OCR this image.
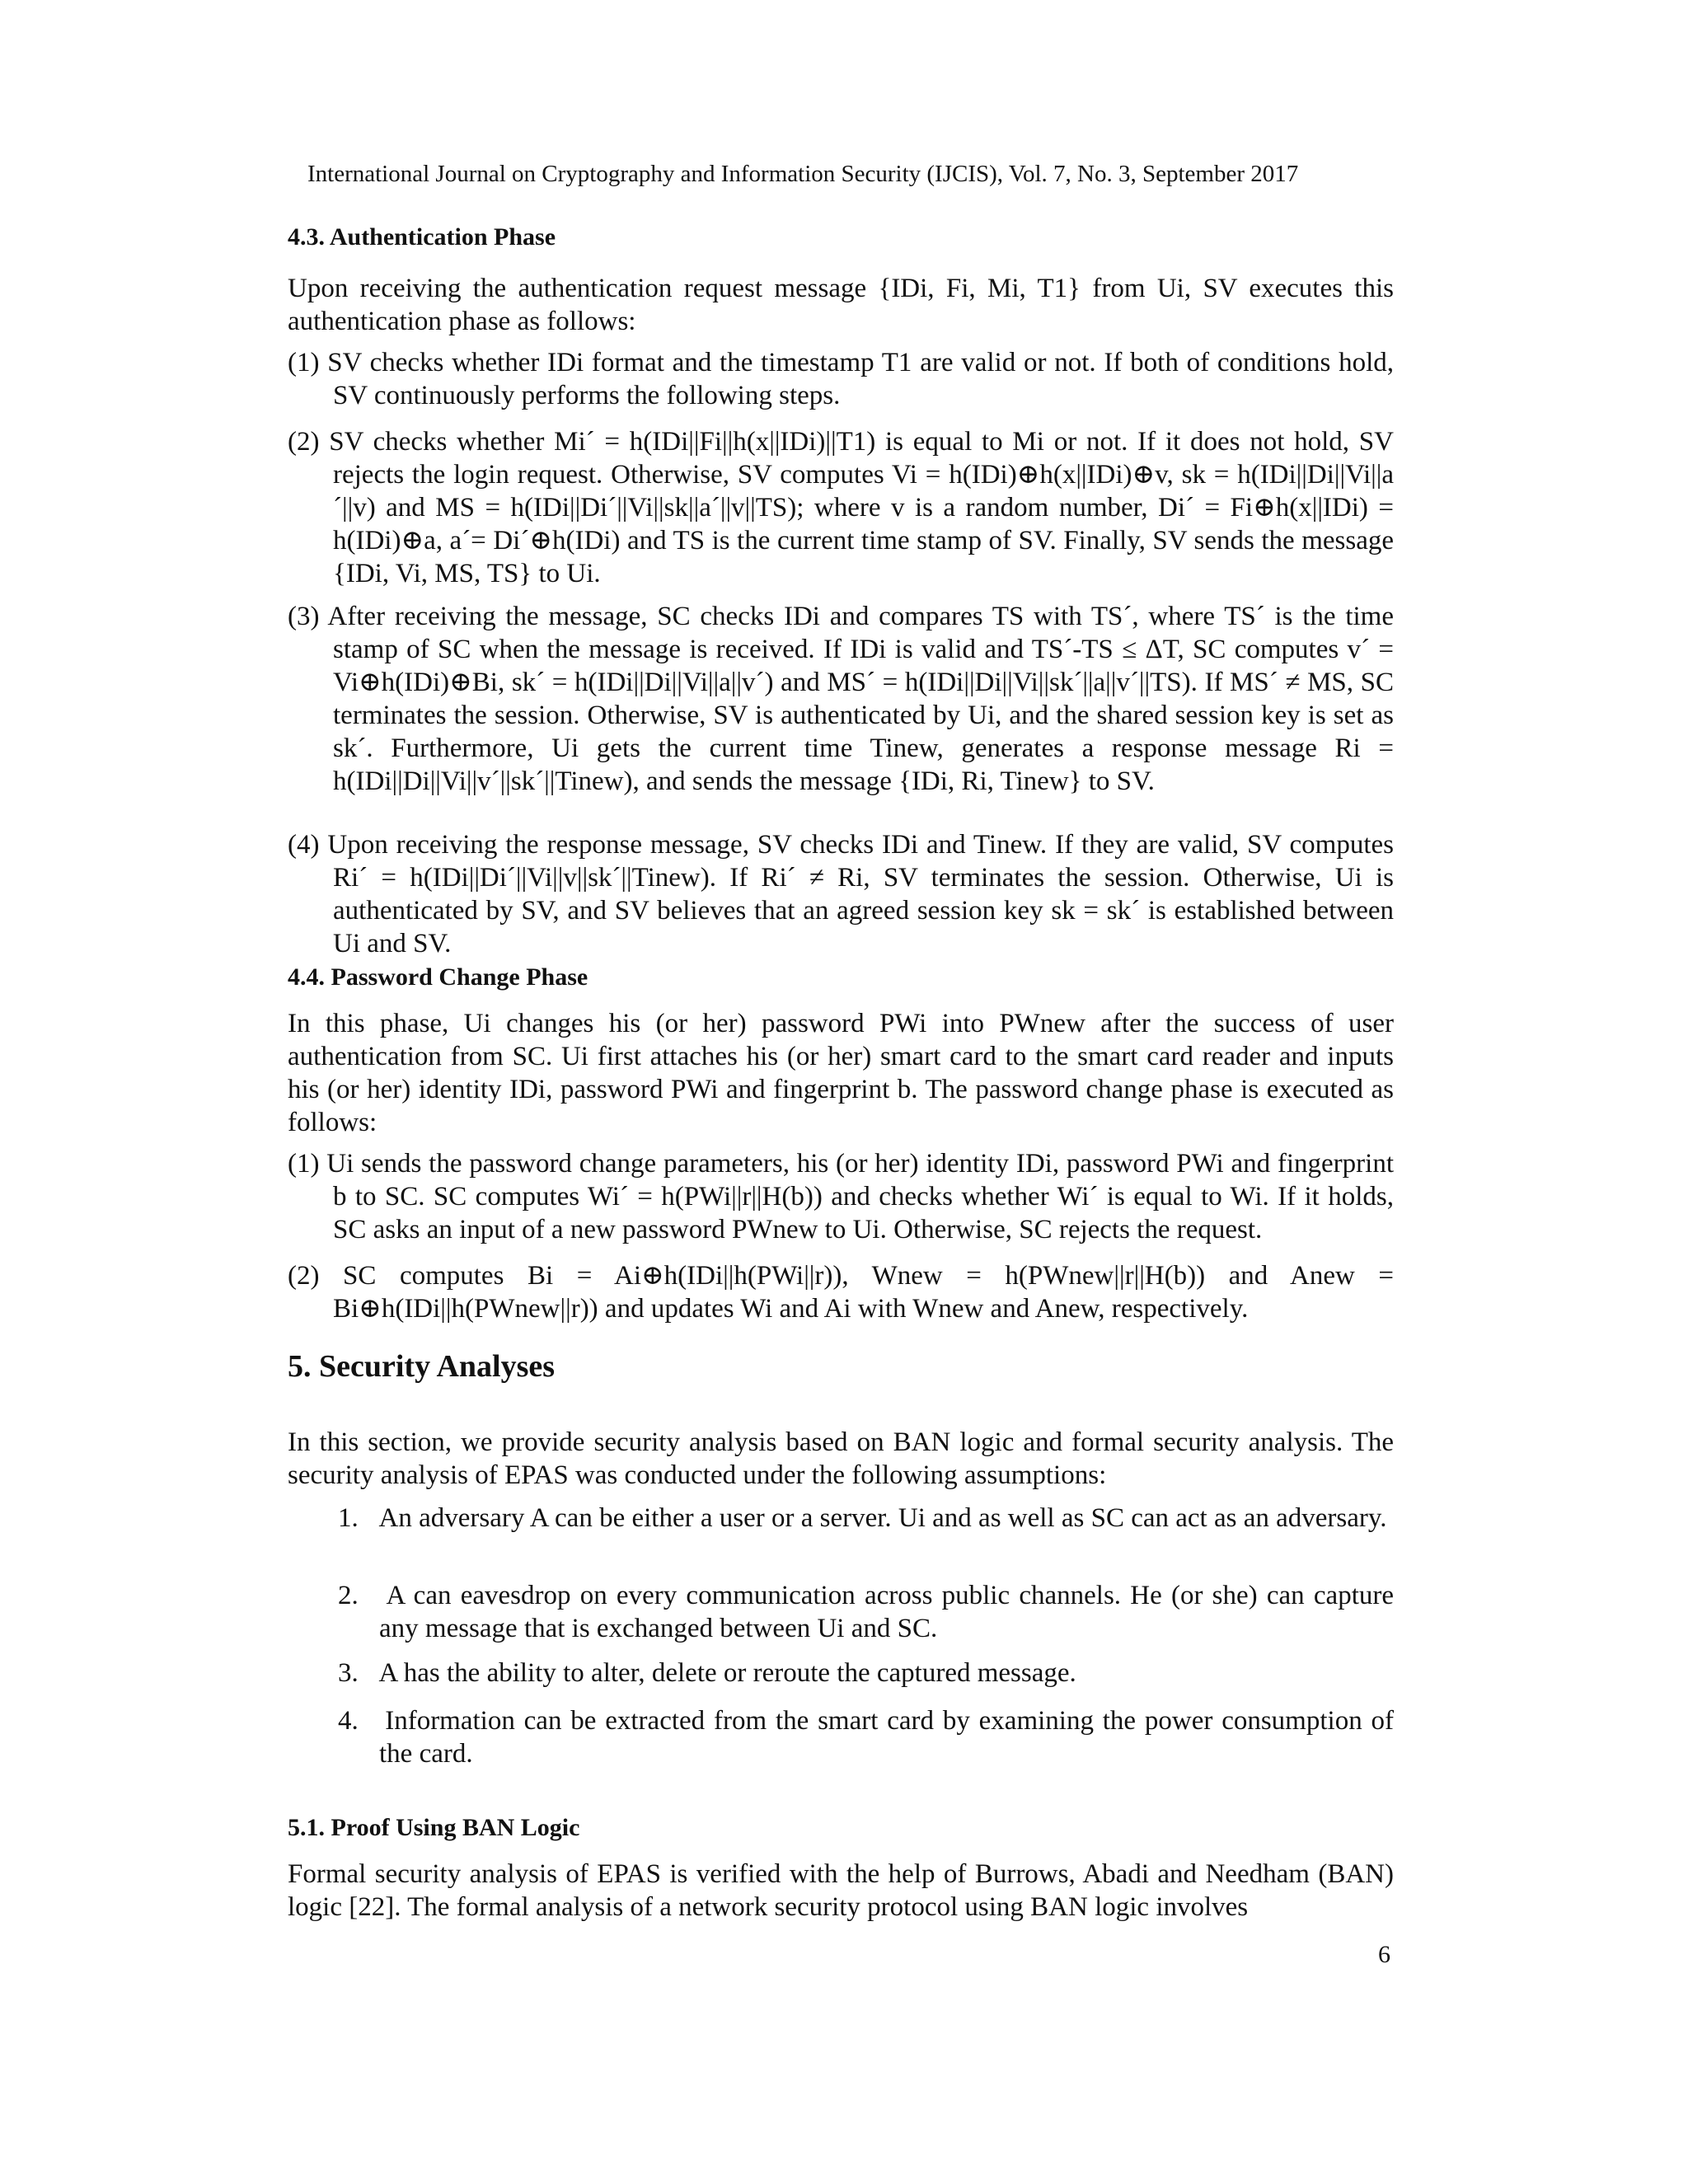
International Journal on Cryptography and Information Security (IJCIS), Vol. 7, No. 3, September 2017
4.3. Authentication Phase
Upon receiving the authentication request message {IDi, Fi, Mi, T1} from Ui, SV executes this authentication phase as follows:
(1) SV checks whether IDi format and the timestamp T1 are valid or not. If both of conditions hold, SV continuously performs the following steps.
(2) SV checks whether Mi´ = h(IDi||Fi||h(x||IDi)||T1) is equal to Mi or not. If it does not hold, SV rejects the login request. Otherwise, SV computes Vi = h(IDi)⊕h(x||IDi)⊕v, sk = h(IDi||Di||Vi||a´||v) and MS = h(IDi||Di´||Vi||sk||a´||v||TS); where v is a random number, Di´ = Fi⊕h(x||IDi) = h(IDi)⊕a, a´= Di´⊕h(IDi) and TS is the current time stamp of SV. Finally, SV sends the message {IDi, Vi, MS, TS} to Ui.
(3) After receiving the message, SC checks IDi and compares TS with TS´, where TS´ is the time stamp of SC when the message is received. If IDi is valid and TS´-TS ≤ ΔT, SC computes v´ = Vi⊕h(IDi)⊕Bi, sk´ = h(IDi||Di||Vi||a||v´) and MS´ = h(IDi||Di||Vi||sk´||a||v´||TS). If MS´ ≠ MS, SC terminates the session. Otherwise, SV is authenticated by Ui, and the shared session key is set as sk´. Furthermore, Ui gets the current time Tinew, generates a response message Ri = h(IDi||Di||Vi||v´||sk´||Tinew), and sends the message {IDi, Ri, Tinew} to SV.
(4) Upon receiving the response message, SV checks IDi and Tinew. If they are valid, SV computes Ri´ = h(IDi||Di´||Vi||v||sk´||Tinew). If Ri´ ≠ Ri, SV terminates the session. Otherwise, Ui is authenticated by SV, and SV believes that an agreed session key sk = sk´ is established between Ui and SV.
4.4. Password Change Phase
In this phase, Ui changes his (or her) password PWi into PWnew after the success of user authentication from SC. Ui first attaches his (or her) smart card to the smart card reader and inputs his (or her) identity IDi, password PWi and fingerprint b. The password change phase is executed as follows:
(1) Ui sends the password change parameters, his (or her) identity IDi, password PWi and fingerprint b to SC. SC computes Wi´ = h(PWi||r||H(b)) and checks whether Wi´ is equal to Wi. If it holds, SC asks an input of a new password PWnew to Ui. Otherwise, SC rejects the request.
(2) SC computes Bi = Ai⊕h(IDi||h(PWi||r)), Wnew = h(PWnew||r||H(b)) and Anew = Bi⊕h(IDi||h(PWnew||r)) and updates Wi and Ai with Wnew and Anew, respectively.
5. Security Analyses
In this section, we provide security analysis based on BAN logic and formal security analysis. The security analysis of EPAS was conducted under the following assumptions:
1.   An adversary A can be either a user or a server. Ui and as well as SC can act as an adversary.
2.   A can eavesdrop on every communication across public channels. He (or she) can capture any message that is exchanged between Ui and SC.
3.   A has the ability to alter, delete or reroute the captured message.
4.   Information can be extracted from the smart card by examining the power consumption of the card.
5.1. Proof Using BAN Logic
Formal security analysis of EPAS is verified with the help of Burrows, Abadi and Needham (BAN) logic [22]. The formal analysis of a network security protocol using BAN logic involves
6
